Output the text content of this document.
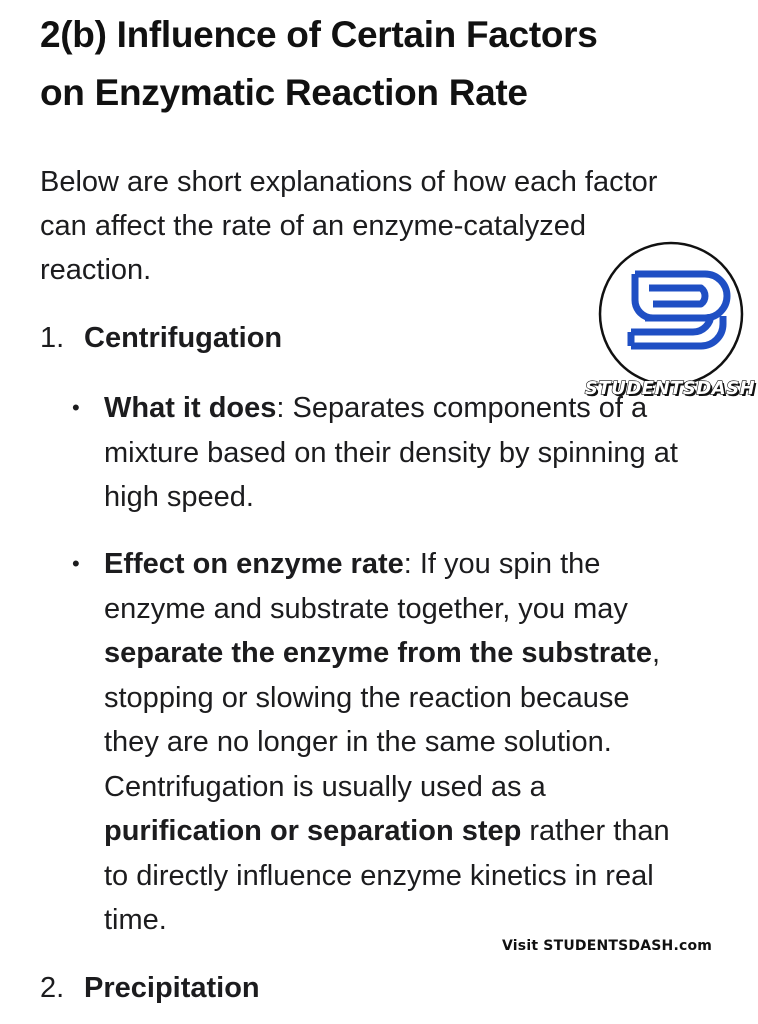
2(b) Influence of Certain Factors
on Enzymatic Reaction Rate

Below are short explanations of how each factor can affect the rate of an enzyme-catalyzed reaction.

1. Centrifugation
• What it does: Separates components of a mixture based on their density by spinning at high speed.

• Effect on enzyme rate: If you spin the enzyme and substrate together, you may separate the enzyme from the substrate, stopping or slowing the reaction because they are no longer in the same solution. Centrifugation is usually used as a purification or separation step rather than to directly influence enzyme kinetics in real time.

2. Precipitation
STUDENTSDASH
Visit STUDENTSDASH.com
